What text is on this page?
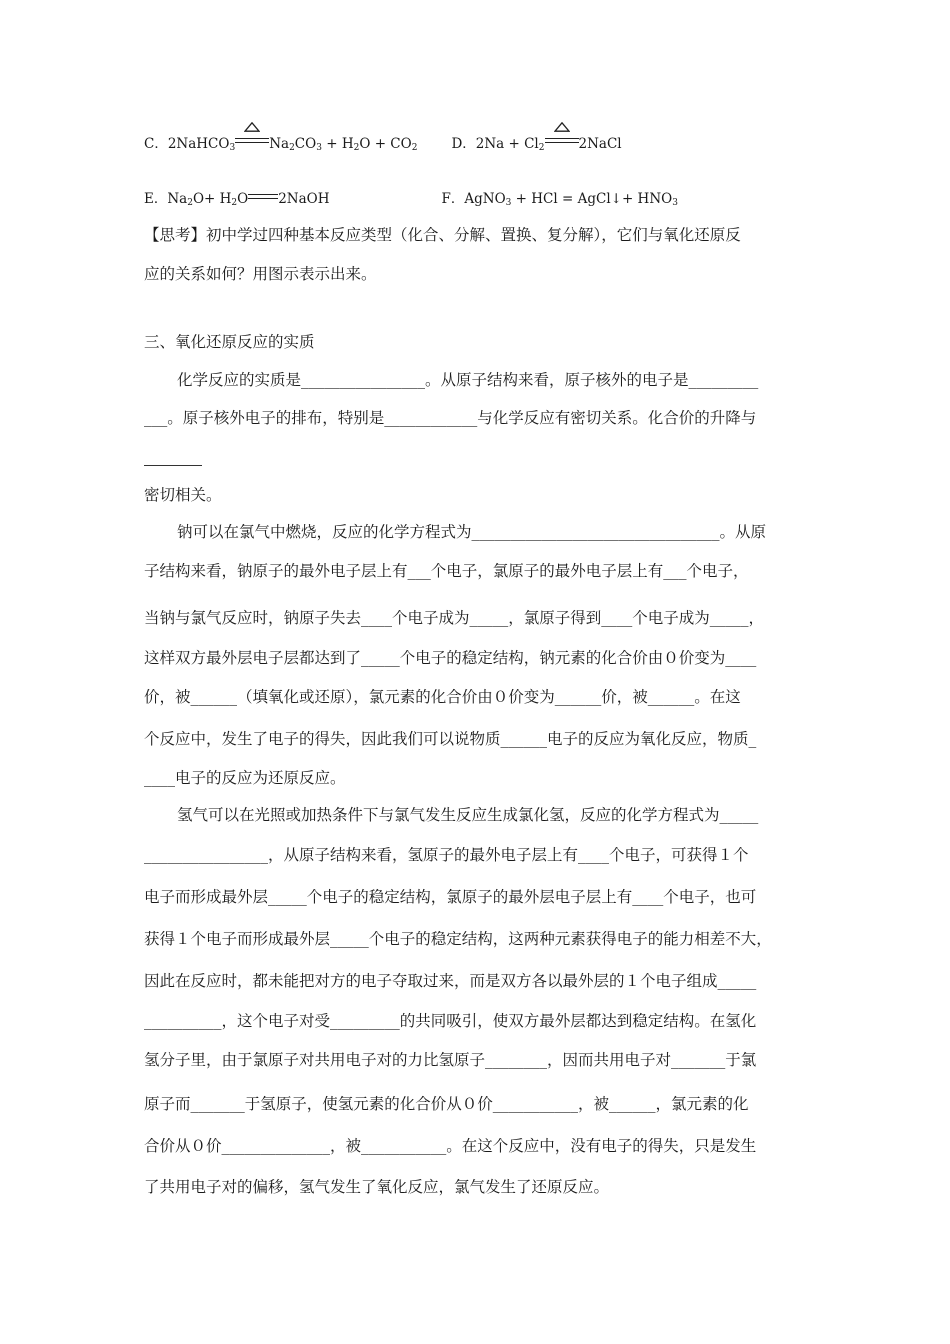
C．2NaHCO$_3$	$Na_2CO_3 + H_2O + CO_2$	D．$2Na + Cl_2$	2NaCl
E．$Na_2O+ H_2O$ 2NaOH	F．AgNO$_3$ + HCl = AgCl↓+ $HNO_3$
【思考】初中学过四种基本反应类型（化合、分解、置换、复分解），它们与氧化还原反
应的关系如何？用图示表示出来。
三、氧化还原反应的实质
化学反应的实质是________________。从原子结构来看，原子核外的电子是_________
___。原子核外电子的排布，特别是____________与化学反应有密切关系。化合价的升降与
密切相关。
钠可以在氯气中燃烧，反应的化学方程式为________________________________。从原
子结构来看，钠原子的最外电子层上有___个电子，氯原子的最外电子层上有___个电子，
当钠与氯气反应时，钠原子失去____个电子成为_____，氯原子得到____个电子成为_____，
这样双方最外层电子层都达到了_____个电子的稳定结构，钠元素的化合价由０价变为____
价，被______（填氧化或还原），氯元素的化合价由０价变为______价，被______。在这
个反应中，发生了电子的得失，因此我们可以说物质______电子的反应为氧化反应，物质_
____电子的反应为还原反应。
氢气可以在光照或加热条件下与氯气发生反应生成氯化氢，反应的化学方程式为_____
________________，从原子结构来看，氢原子的最外电子层上有____个电子，可获得１个
电子而形成最外层_____个电子的稳定结构，氯原子的最外层电子层上有____个电子，也可
获得１个电子而形成最外层_____个电子的稳定结构，这两种元素获得电子的能力相差不大，
因此在反应时，都未能把对方的电子夺取过来，而是双方各以最外层的１个电子组成_____
__________，这个电子对受_________的共同吸引，使双方最外层都达到稳定结构。在氢化
氢分子里，由于氯原子对共用电子对的力比氢原子________，因而共用电子对_______于氯
原子而_______于氢原子，使氢元素的化合价从０价___________，被______，氯元素的化
合价从０价______________，被___________。在这个反应中，没有电子的得失，只是发生
了共用电子对的偏移，氢气发生了氧化反应，氯气发生了还原反应。
